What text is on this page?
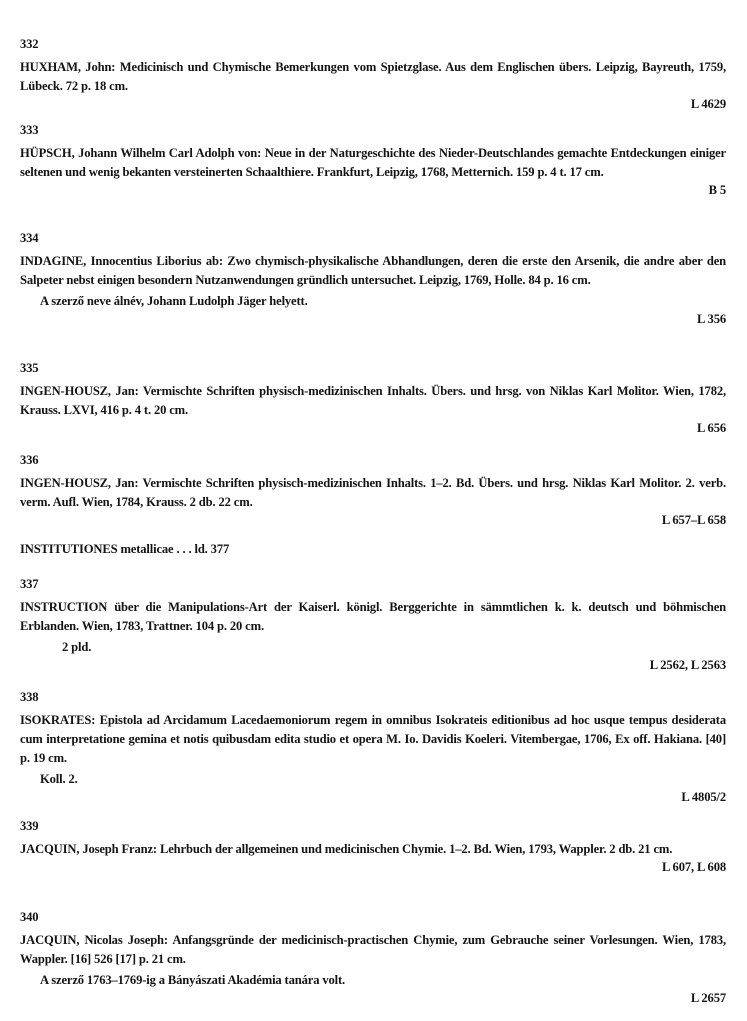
332

HUXHAM, John: Medicinisch und Chymische Bemerkungen vom Spietzglase. Aus dem Englischen übers. Leipzig, Bayreuth, 1759, Lübeck. 72 p. 18 cm.

L 4629
333

HÜPSCH, Johann Wilhelm Carl Adolph von: Neue in der Naturgeschichte des Nieder-Deutschlandes gemachte Entdeckungen einiger seltenen und wenig bekanten versteinerten Schaalthiere. Frankfurt, Leipzig, 1768, Metternich. 159 p. 4 t. 17 cm.

B 5
334

INDAGINE, Innocentius Liborius ab: Zwo chymisch-physikalische Abhandlungen, deren die erste den Arsenik, die andre aber den Salpeter nebst einigen besondern Nutzanwendungen gründlich untersuchet. Leipzig, 1769, Holle. 84 p. 16 cm.

A szerző neve álnév, Johann Ludolph Jäger helyett.

L 356
335

INGEN-HOUSZ, Jan: Vermischte Schriften physisch-medizinischen Inhalts. Übers. und hrsg. von Niklas Karl Molitor. Wien, 1782, Krauss. LXVI, 416 p. 4 t. 20 cm.

L 656
336

INGEN-HOUSZ, Jan: Vermischte Schriften physisch-medizinischen Inhalts. 1–2. Bd. Übers. und hrsg. Niklas Karl Molitor. 2. verb. verm. Aufl. Wien, 1784, Krauss. 2 db. 22 cm.

L 657–L 658
INSTITUTIONES metallicae . . . ld. 377
337

INSTRUCTION über die Manipulations-Art der Kaiserl. königl. Berggerichte in sämmtlichen k. k. deutsch und böhmischen Erblanden. Wien, 1783, Trattner. 104 p. 20 cm.

2 pld.

L 2562, L 2563
338

ISOKRATES: Epistola ad Arcidamum Lacedaemoniorum regem in omnibus Isokrateis editionibus ad hoc usque tempus desiderata cum interpretatione gemina et notis quibusdam edita studio et opera M. Io. Davidis Koeleri. Vitembergae, 1706, Ex off. Hakiana. [40] p. 19 cm.

Koll. 2.

L 4805/2
339

JACQUIN, Joseph Franz: Lehrbuch der allgemeinen und medicinischen Chymie. 1–2. Bd. Wien, 1793, Wappler. 2 db. 21 cm.

L 607, L 608
340

JACQUIN, Nicolas Joseph: Anfangsgründe der medicinisch-practischen Chymie, zum Gebrauche seiner Vorlesungen. Wien, 1783, Wappler. [16] 526 [17] p. 21 cm.

A szerző 1763–1769-ig a Bányászati Akadémia tanára volt.

L 2657
